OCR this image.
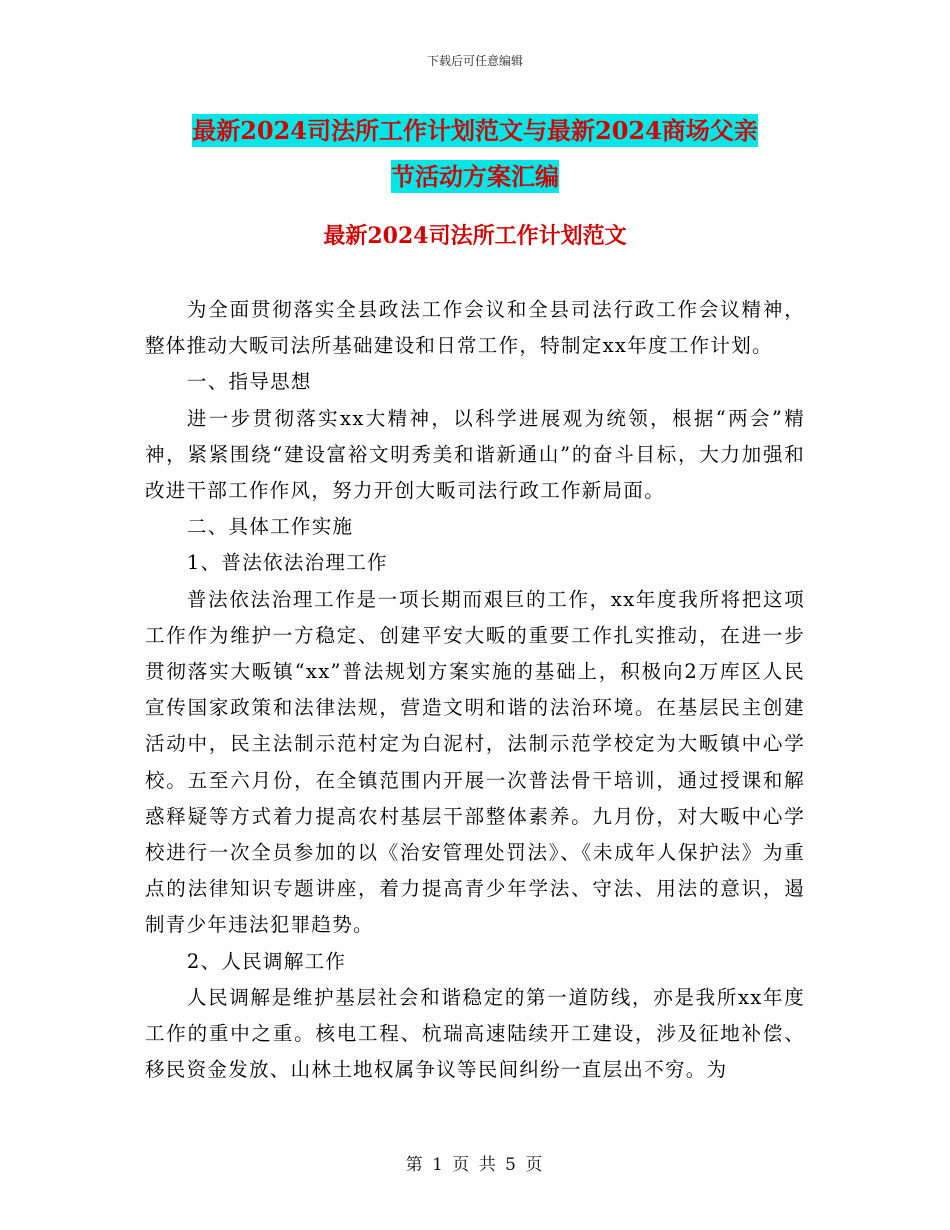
下载后可任意编辑
最新2024司法所工作计划范文与最新2024商场父亲
节活动方案汇编
最新2024司法所工作计划范文

为全面贯彻落实全县政法工作会议和全县司法行政工作会议精神，整体推动大畈司法所基础建设和日常工作，特制定xx年度工作计划。

一、指导思想

进一步贯彻落实xx大精神，以科学进展观为统领，根据“两会”精神，紧紧围绕“建设富裕文明秀美和谐新通山”的奋斗目标，大力加强和改进干部工作作风，努力开创大畈司法行政工作新局面。

二、具体工作实施

1、普法依法治理工作

普法依法治理工作是一项长期而艰巨的工作，xx年度我所将把这项工作作为维护一方稳定、创建平安大畈的重要工作扎实推动，在进一步贯彻落实大畈镇“xx”普法规划方案实施的基础上，积极向2万库区人民宣传国家政策和法律法规，营造文明和谐的法治环境。在基层民主创建活动中，民主法制示范村定为白泥村，法制示范学校定为大畈镇中心学校。五至六月份，在全镇范围内开展一次普法骨干培训，通过授课和解惑释疑等方式着力提高农村基层干部整体素养。九月份，对大畈中心学校进行一次全员参加的以《治安管理处罚法》、《未成年人保护法》为重点的法律知识专题讲座，着力提高青少年学法、守法、用法的意识，遏制青少年违法犯罪趋势。

2、人民调解工作

人民调解是维护基层社会和谐稳定的第一道防线，亦是我所xx年度工作的重中之重。核电工程、杭瑞高速陆续开工建设，涉及征地补偿、移民资金发放、山林土地权属争议等民间纠纷一直层出不穷。为

第 1 页 共 5 页
